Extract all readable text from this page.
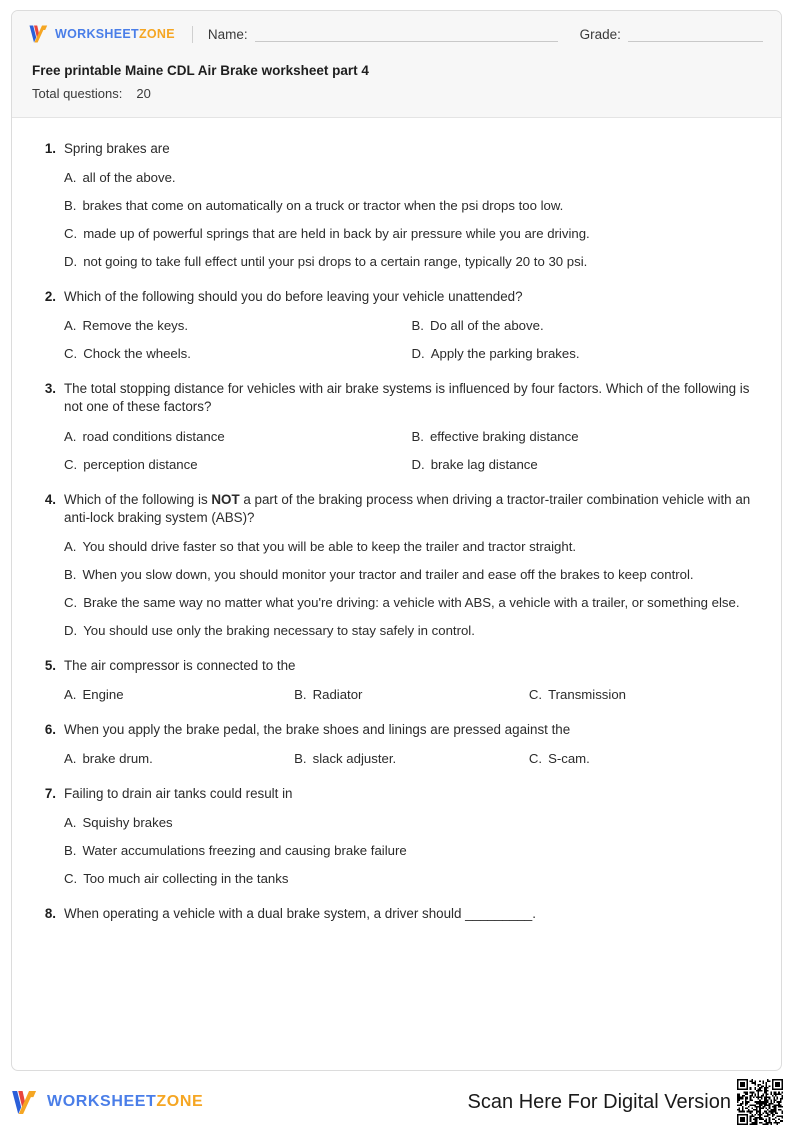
WORKSHEETZONE Name:	Grade:
Free printable Maine CDL Air Brake worksheet part 4
Total questions: 20
1. Spring brakes are
A. all of the above.
B. brakes that come on automatically on a truck or tractor when the psi drops too low.
C. made up of powerful springs that are held in back by air pressure while you are driving.
D. not going to take full effect until your psi drops to a certain range, typically 20 to 30 psi.
2. Which of the following should you do before leaving your vehicle unattended?
A. Remove the keys.	B. Do all of the above.
C. Chock the wheels.	D. Apply the parking brakes.
3. The total stopping distance for vehicles with air brake systems is influenced by four factors. Which of the following is not one of these factors?
A. road conditions distance	B. effective braking distance
C. perception distance	D. brake lag distance
4. Which of the following is NOT a part of the braking process when driving a tractor-trailer combination vehicle with an anti-lock braking system (ABS)?
A. You should drive faster so that you will be able to keep the trailer and tractor straight.
B. When you slow down, you should monitor your tractor and trailer and ease off the brakes to keep control.
C. Brake the same way no matter what you're driving: a vehicle with ABS, a vehicle with a trailer, or something else.
D. You should use only the braking necessary to stay safely in control.
5. The air compressor is connected to the
A. Engine	B. Radiator	C. Transmission
6. When you apply the brake pedal, the brake shoes and linings are pressed against the
A. brake drum.	B. slack adjuster.	C. S-cam.
7. Failing to drain air tanks could result in
A. Squishy brakes
B. Water accumulations freezing and causing brake failure
C. Too much air collecting in the tanks
8. When operating a vehicle with a dual brake system, a driver should _________.
WORKSHEETZONE	Scan Here For Digital Version
